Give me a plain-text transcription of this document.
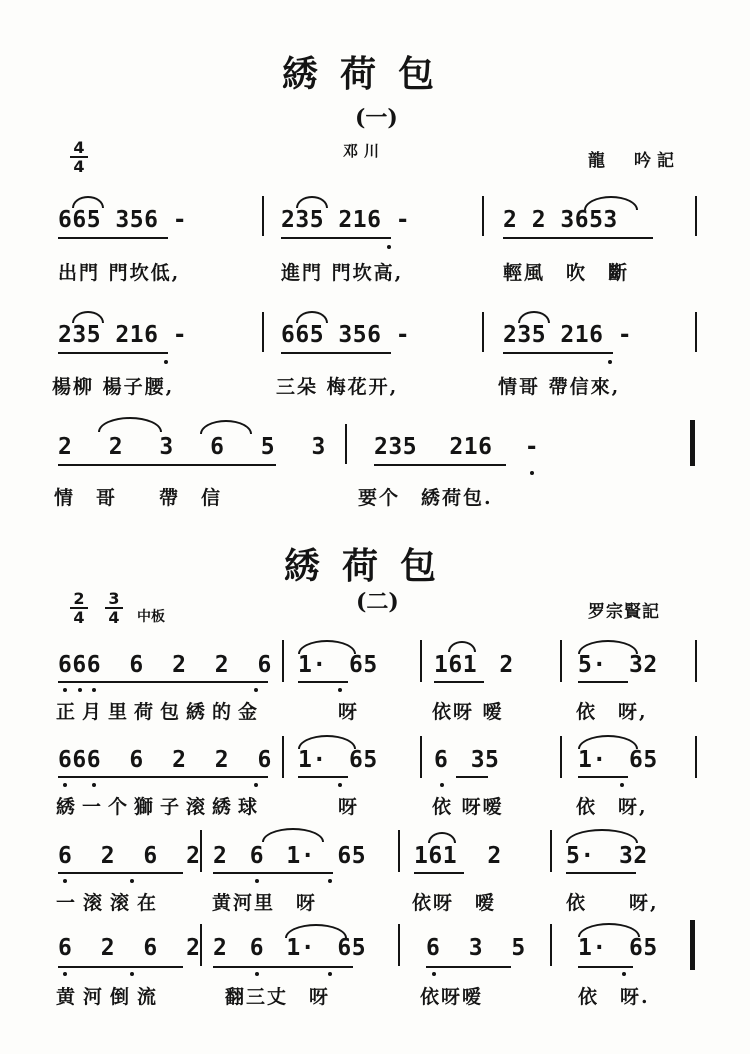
綉荷包
(一)
4
4
邓川	龍　吟記
665 356 -	235 216 -	2 2 3653
出門 門坎低,	進門 門坎高,	輕風　吹　斷
235 216 -	665 356 -	235 216 -
楊柳 楊子腰,	三朵 梅花开,	情哥 帶信來,
2 2 3 6 5 3 235 216 -
情　哥　　帶　信	要个　綉荷包.
綉荷包
(二)
2
4
3
4 中板	罗宗賢記
666 6 2 2 6 1· 65 161 2	5· 32
正月里荷包綉的金	呀	依呀 嗳	依　呀,
666 6 2 2 6 1· 65 6 35	1· 65
綉一个獅子滚綉球	呀	依 呀嗳	依　呀,
6 2 6 2 2 6 1· 65 161 2	5· 32
一滚滚在	黄河里　呀	依呀　嗳	依　　呀,
6 2 6 2 2 6 1· 65	6 3 5 1· 65
黄河倒流	翻三丈　呀	依呀嗳	依　呀.
